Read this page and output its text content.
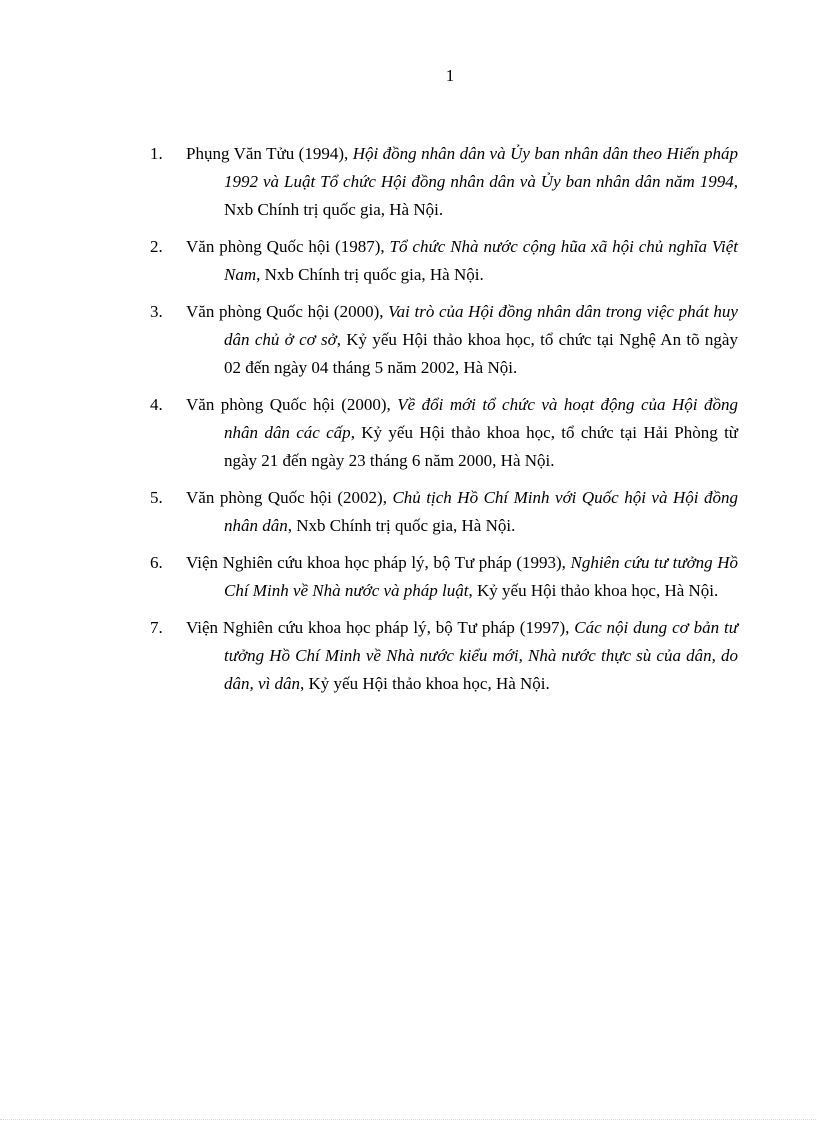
1
1.	Phụng Văn Tửu (1994), Hội đồng nhân dân và Ủy ban nhân dân theo Hiến pháp 1992 và Luật Tổ chức Hội đồng nhân dân và Ủy ban nhân dân năm 1994, Nxb Chính trị quốc gia, Hà Nội.
2.	Văn phòng Quốc hội (1987), Tổ chức Nhà nước cộng hũa xã hội chủ nghĩa Việt Nam, Nxb Chính trị quốc gia, Hà Nội.
3.	Văn phòng Quốc hội (2000), Vai trò của Hội đồng nhân dân trong việc phát huy dân chủ ở cơ sở, Kỷ yếu Hội thảo khoa học, tổ chức tại Nghệ An tõ ngày 02 đến ngày 04 tháng 5 năm 2002, Hà Nội.
4.	Văn phòng Quốc hội (2000), Về đổi mới tổ chức và hoạt động của Hội đồng nhân dân các cấp, Kỷ yếu Hội thảo khoa học, tổ chức tại Hải Phòng từ ngày 21 đến ngày 23 tháng 6 năm 2000, Hà Nội.
5.	Văn phòng Quốc hội (2002), Chủ tịch Hồ Chí Minh với Quốc hội và Hội đồng nhân dân, Nxb Chính trị quốc gia, Hà Nội.
6.	Viện Nghiên cứu khoa học pháp lý, bộ Tư pháp (1993), Nghiên cứu tư tưởng Hồ Chí Minh về Nhà nước và pháp luật, Kỷ yếu Hội thảo khoa học, Hà Nội.
7.	Viện Nghiên cứu khoa học pháp lý, bộ Tư pháp (1997), Các nội dung cơ bản tư tưởng Hồ Chí Minh về Nhà nước kiểu mới, Nhà nước thực sù của dân, do dân, vì dân, Kỷ yếu Hội thảo khoa học, Hà Nội.
